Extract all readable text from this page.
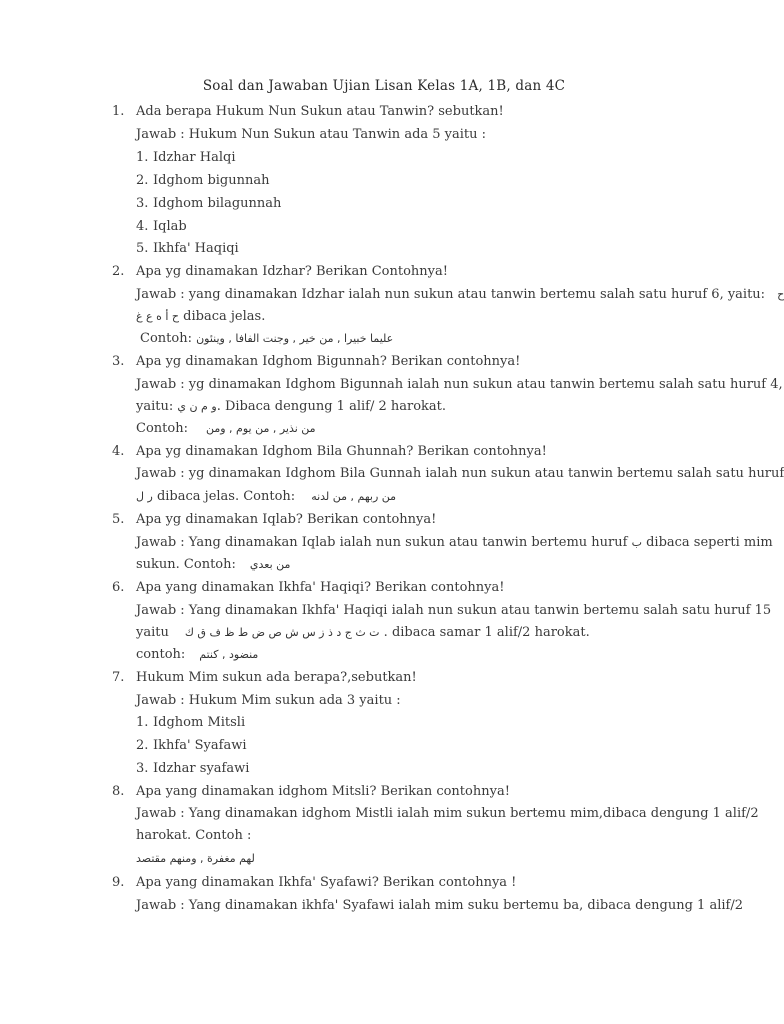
Soal dan Jawaban Ujian Lisan Kelas 1A, 1B, dan 4C
1. Ada berapa Hukum Nun Sukun atau Tanwin? sebutkan!
Jawab : Hukum Nun Sukun atau Tanwin ada 5 yaitu :
1. Idzhar Halqi
2. Idghom bigunnah
3. Idghom bilagunnah
4. Iqlab
5. Ikhfa' Haqiqi
2. Apa yg dinamakan Idzhar? Berikan Contohnya!
Jawab : yang dinamakan Idzhar ialah nun sukun atau tanwin bertemu salah satu huruf 6, yaitu: ح
ح أ ه ع غ dibaca jelas.
Contoh: عليما خبيرا , من خير , وجنت الفافا , وينئون
3. Apa yg dinamakan Idghom Bigunnah? Berikan contohnya!
Jawab : yg dinamakan Idghom Bigunnah ialah nun sukun atau tanwin bertemu salah satu huruf 4,
yaitu: و م ن ي. Dibaca dengung 1 alif/ 2 harokat.
Contoh: من نذير , من يوم , ومن
4. Apa yg dinamakan Idghom Bila Ghunnah? Berikan contohnya!
Jawab : yg dinamakan Idghom Bila Gunnah ialah nun sukun atau tanwin bertemu salah satu huruf
ر ل dibaca jelas. Contoh: من ربهم , من لدنه
5. Apa yg dinamakan Iqlab? Berikan contohnya!
Jawab : Yang dinamakan Iqlab ialah nun sukun atau tanwin bertemu huruf ب dibaca seperti mim
sukun. Contoh: من بعدي
6. Apa yang dinamakan Ikhfa' Haqiqi? Berikan contohnya!
Jawab : Yang dinamakan Ikhfa' Haqiqi ialah nun sukun atau tanwin bertemu salah satu huruf 15
yaitu ت ث ج د ذ ز س ش ص ض ط ظ ف ق ك . dibaca samar 1 alif/2 harokat.
contoh: منضود , كنتم
7. Hukum Mim sukun ada berapa?,sebutkan!
Jawab : Hukum Mim sukun ada 3 yaitu :
1. Idghom Mitsli
2. Ikhfa' Syafawi
3. Idzhar syafawi
8. Apa yang dinamakan idghom Mitsli? Berikan contohnya!
Jawab : Yang dinamakan idghom Mistli ialah mim sukun bertemu mim,dibaca dengung 1 alif/2
harokat. Contoh :
لهم مغفرة , ومنهم مقتصد
9. Apa yang dinamakan Ikhfa' Syafawi? Berikan contohnya !
Jawab : Yang dinamakan ikhfa' Syafawi ialah mim suku bertemu ba, dibaca dengung 1 alif/2
